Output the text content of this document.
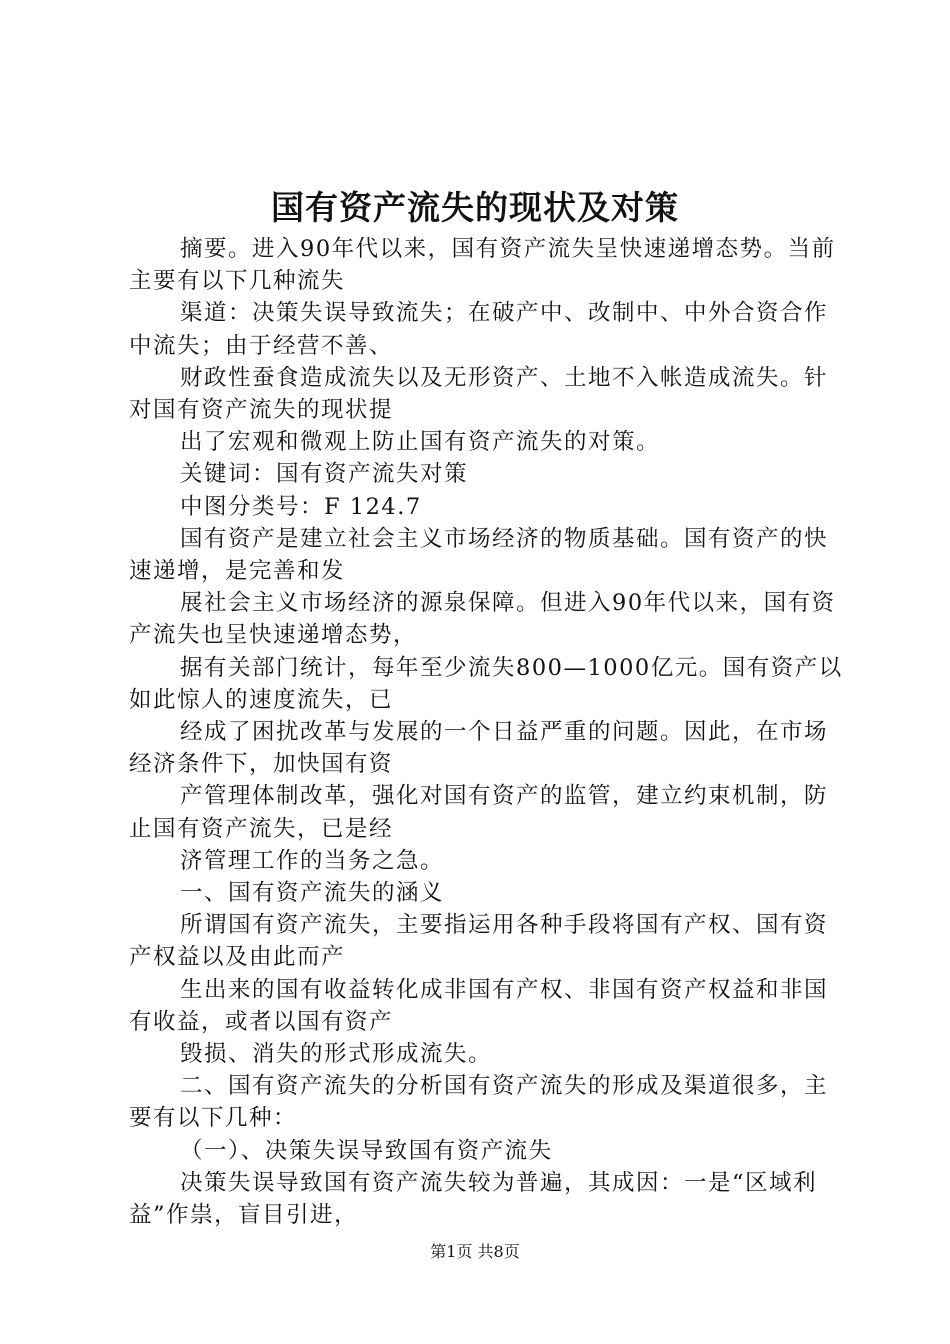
国有资产流失的现状及对策

摘要。进入90年代以来，国有资产流失呈快速递增态势。当前主要有以下几种流失

渠道：决策失误导致流失；在破产中、改制中、中外合资合作中流失；由于经营不善、

财政性蚕食造成流失以及无形资产、土地不入帐造成流失。针对国有资产流失的现状提

出了宏观和微观上防止国有资产流失的对策。

关键词：国有资产流失对策

中图分类号：F 124.7

国有资产是建立社会主义市场经济的物质基础。国有资产的快速递增，是完善和发

展社会主义市场经济的源泉保障。但进入90年代以来，国有资产流失也呈快速递增态势，

据有关部门统计，每年至少流失800—1000亿元。国有资产以如此惊人的速度流失，已

经成了困扰改革与发展的一个日益严重的问题。因此，在市场经济条件下，加快国有资

产管理体制改革，强化对国有资产的监管，建立约束机制，防止国有资产流失，已是经

济管理工作的当务之急。

一、国有资产流失的涵义

所谓国有资产流失，主要指运用各种手段将国有产权、国有资产权益以及由此而产

生出来的国有收益转化成非国有产权、非国有资产权益和非国有收益，或者以国有资产

毁损、消失的形式形成流失。

二、国有资产流失的分析国有资产流失的形成及渠道很多，主要有以下几种：

（一）、决策失误导致国有资产流失

决策失误导致国有资产流失较为普遍，其成因：一是“区域利益”作祟，盲目引进，

第1页 共8页
